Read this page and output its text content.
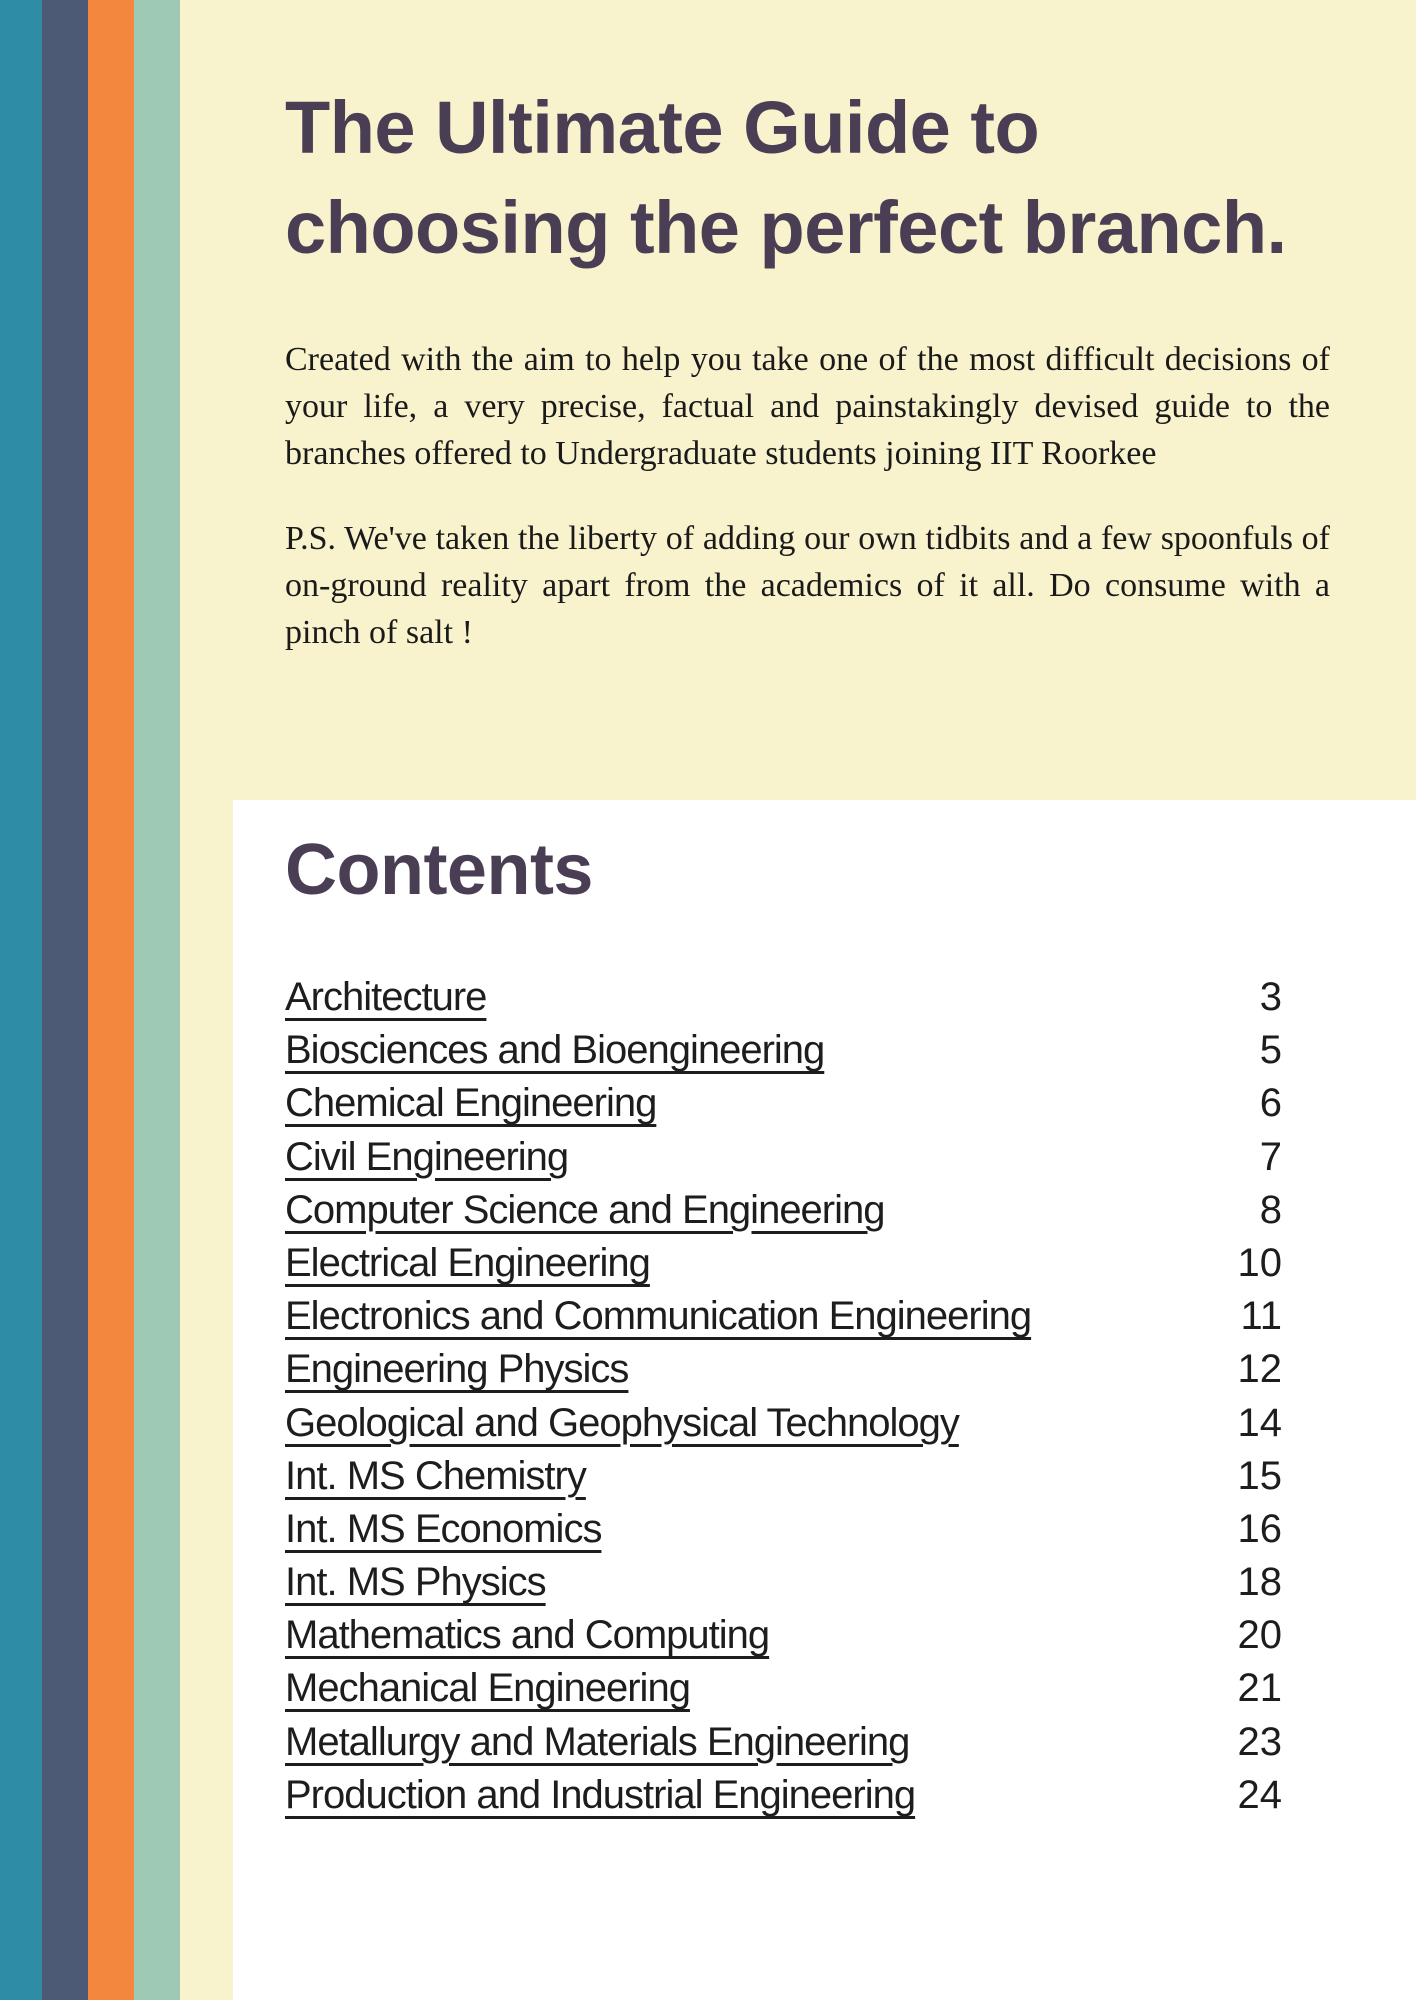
The Ultimate Guide to
choosing the perfect branch.
Created with the aim to help you take one of the most difficult decisions of your life, a very precise, factual and painstakingly devised guide to the branches offered to Undergraduate students joining IIT Roorkee
P.S. We've taken the liberty of adding our own tidbits and a few spoonfuls of on-ground reality apart from the academics of it all. Do consume with a pinch of salt !
Contents
Architecture	3
Biosciences and Bioengineering	5
Chemical Engineering	6
Civil Engineering	7
Computer Science and Engineering	8
Electrical Engineering	10
Electronics and Communication Engineering	11
Engineering Physics	12
Geological and Geophysical Technology	14
Int. MS Chemistry	15
Int. MS Economics	16
Int. MS Physics	18
Mathematics and Computing	20
Mechanical Engineering	21
Metallurgy and Materials Engineering	23
Production and Industrial Engineering	24
